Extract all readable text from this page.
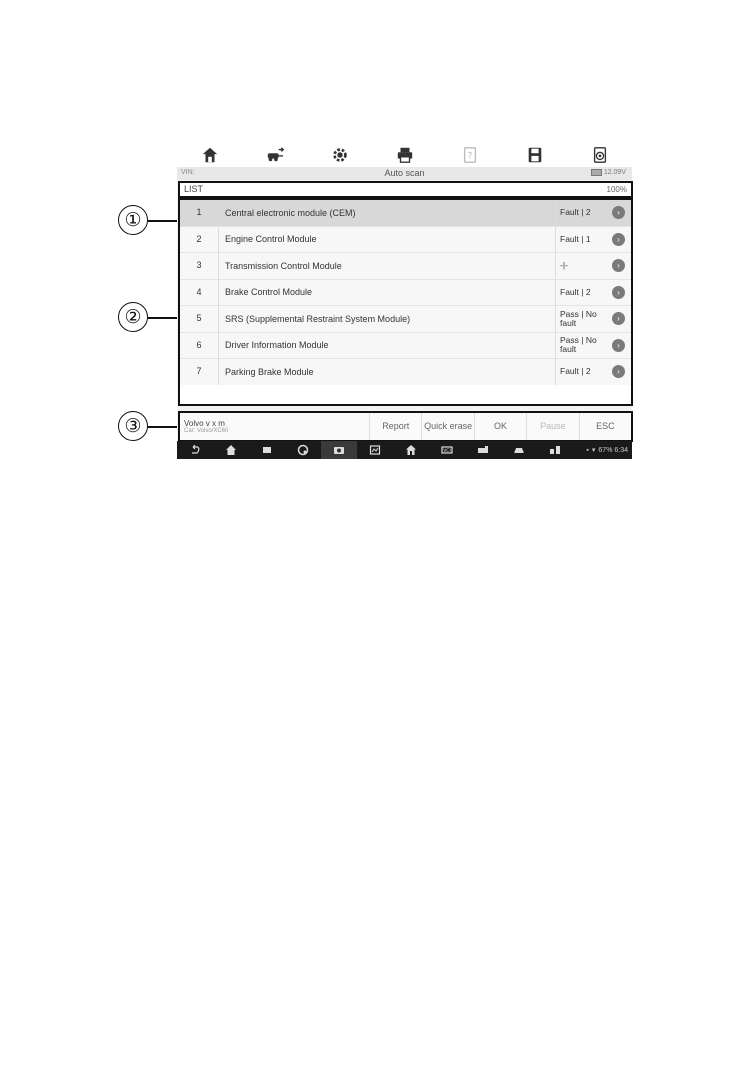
①
②
③
?
VIN:	Auto scan	12.09V
LIST	100%
1	Central electronic module (CEM)	Fault | 2	›
2	Engine Control Module	Fault | 1	›
3	Transmission Control Module	-|-	›
4	Brake Control Module	Fault | 2	›
5	SRS (Supplemental Restraint System Module)	Pass | No fault	›
6	Driver Information Module	Pass | No fault	›
7	Parking Brake Module	Fault | 2	›
Volvo v x m
Car: Volvo/XC60	Report	Quick erase	OK	Pause	ESC
VCI	▪ ▾ 67% 6:34
